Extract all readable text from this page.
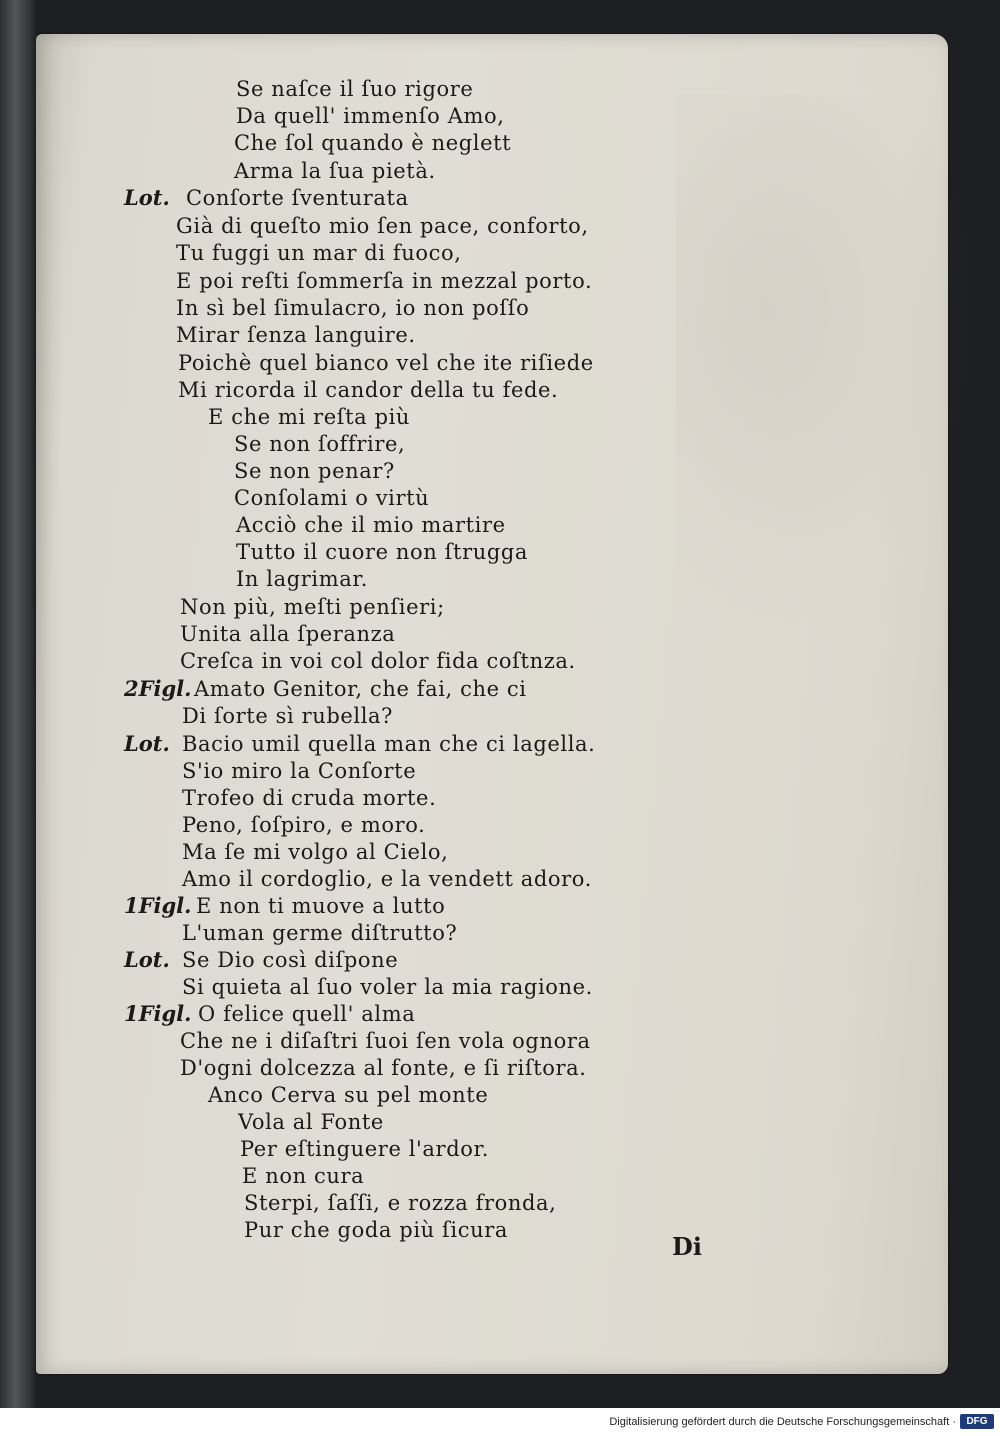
Se naſce il ſuo rigore
Da quell' immenſo Amo,
Che ſol quando è neglett
Arma la ſua pietà.
Lot. Conſorte ſventurata
Già di queſto mio ſen pace, conforto,
Tu fuggi un mar di fuoco,
E poi reſti ſommerſa in mezzal porto.
In sì bel ſimulacro, io non poſſo
Mirar ſenza languire.
Poichè quel bianco vel che ite riſiede
Mi ricorda il candor della tu fede.
E che mi reſta più
Se non ſoffrire,
Se non penar?
Conſolami o virtù
Acciò che il mio martire
Tutto il cuore non ſtrugga
In lagrimar.
Non più, meſti penſieri;
Unita alla ſperanza
Creſca in voi col dolor fida coſtnza.
2Figl. Amato Genitor, che fai, che ci
Di ſorte sì rubella?
Lot. Bacio umil quella man che ci lagella.
S'io miro la Conſorte
Trofeo di cruda morte.
Peno, ſoſpiro, e moro.
Ma ſe mi volgo al Cielo,
Amo il cordoglio, e la vendett adoro.
1Figl. E non ti muove a lutto
L'uman germe diſtrutto?
Lot. Se Dio così diſpone
Si quieta al ſuo voler la mia ragione.
1Figl. O felice quell' alma
Che ne i diſaſtri ſuoi ſen vola ognora
D'ogni dolcezza al fonte, e ſi riſtora.
Anco Cerva su pel monte
Vola al Fonte
Per eſtinguere l'ardor.
E non cura
Sterpi, ſaſſi, e rozza fronda,
Pur che goda più ſicura
Di
Digitalisierung gefördert durch die Deutsche Forschungsgemeinschaft ·	DFG
